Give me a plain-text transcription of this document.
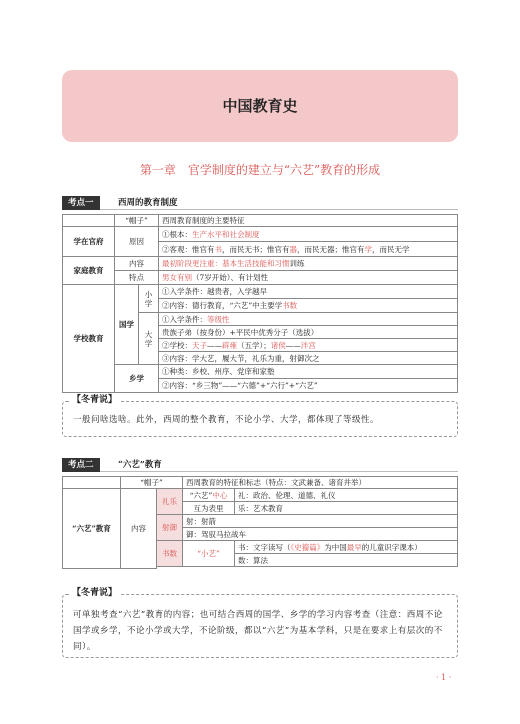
中国教育史
第一章　官学制度的建立与“六艺”教育的形成
考点一	西周的教育制度
	“帽子”		西周教育制度的主要特征
学在官府	原因		①根本：生产水平和社会制度
			②客观：惟官有书，而民无书；惟官有器，而民无器；惟官有学，而民无学
家庭教育	内容		最初阶段更注重：基本生活技能和习惯训练
	特点		男女有别（7岁开始）、有计划性
学校教育	国学	小学	①入学条件：越贵者，入学越早
			②内容：德行教育，“六艺”中主要学书数
		大学	①入学条件：等级性
			贵族子弟（按身份）+平民中优秀分子（选拔）
			②学校：天子——辟雍（五学）；诸侯——泮宫
			③内容：学大艺，履大节，礼乐为重，射御次之
	乡学		①种类：乡校、州序、党庠和家塾
			②内容：“乡三物”——“六德”+“六行”+“六艺”
【冬青说】
一般问啥选啥。此外，西周的整个教育，不论小学、大学，都体现了等级性。
考点二	“六艺”教育
	“帽子”		西周教育的特征和标志（特点：文武兼备、诸育并举）	
“六艺”教育	内容	礼乐	“六艺”中心	礼：政治、伦理、道德、礼仪
			互为表里	乐：艺术教育
		射御	射：射箭	
			御：驾驭马拉战车	
		书数	“小艺”	书：文字读写（《史籀篇》为中国最早的儿童识字课本）
				数：算法

【冬青说】
可单独考查“六艺”教育的内容；也可结合西周的国学、乡学的学习内容考查（注意：西周不论国学或乡学，不论小学或大学，不论阶级，都以“六艺”为基本学科，只是在要求上有层次的不同）。
· 1 ·
